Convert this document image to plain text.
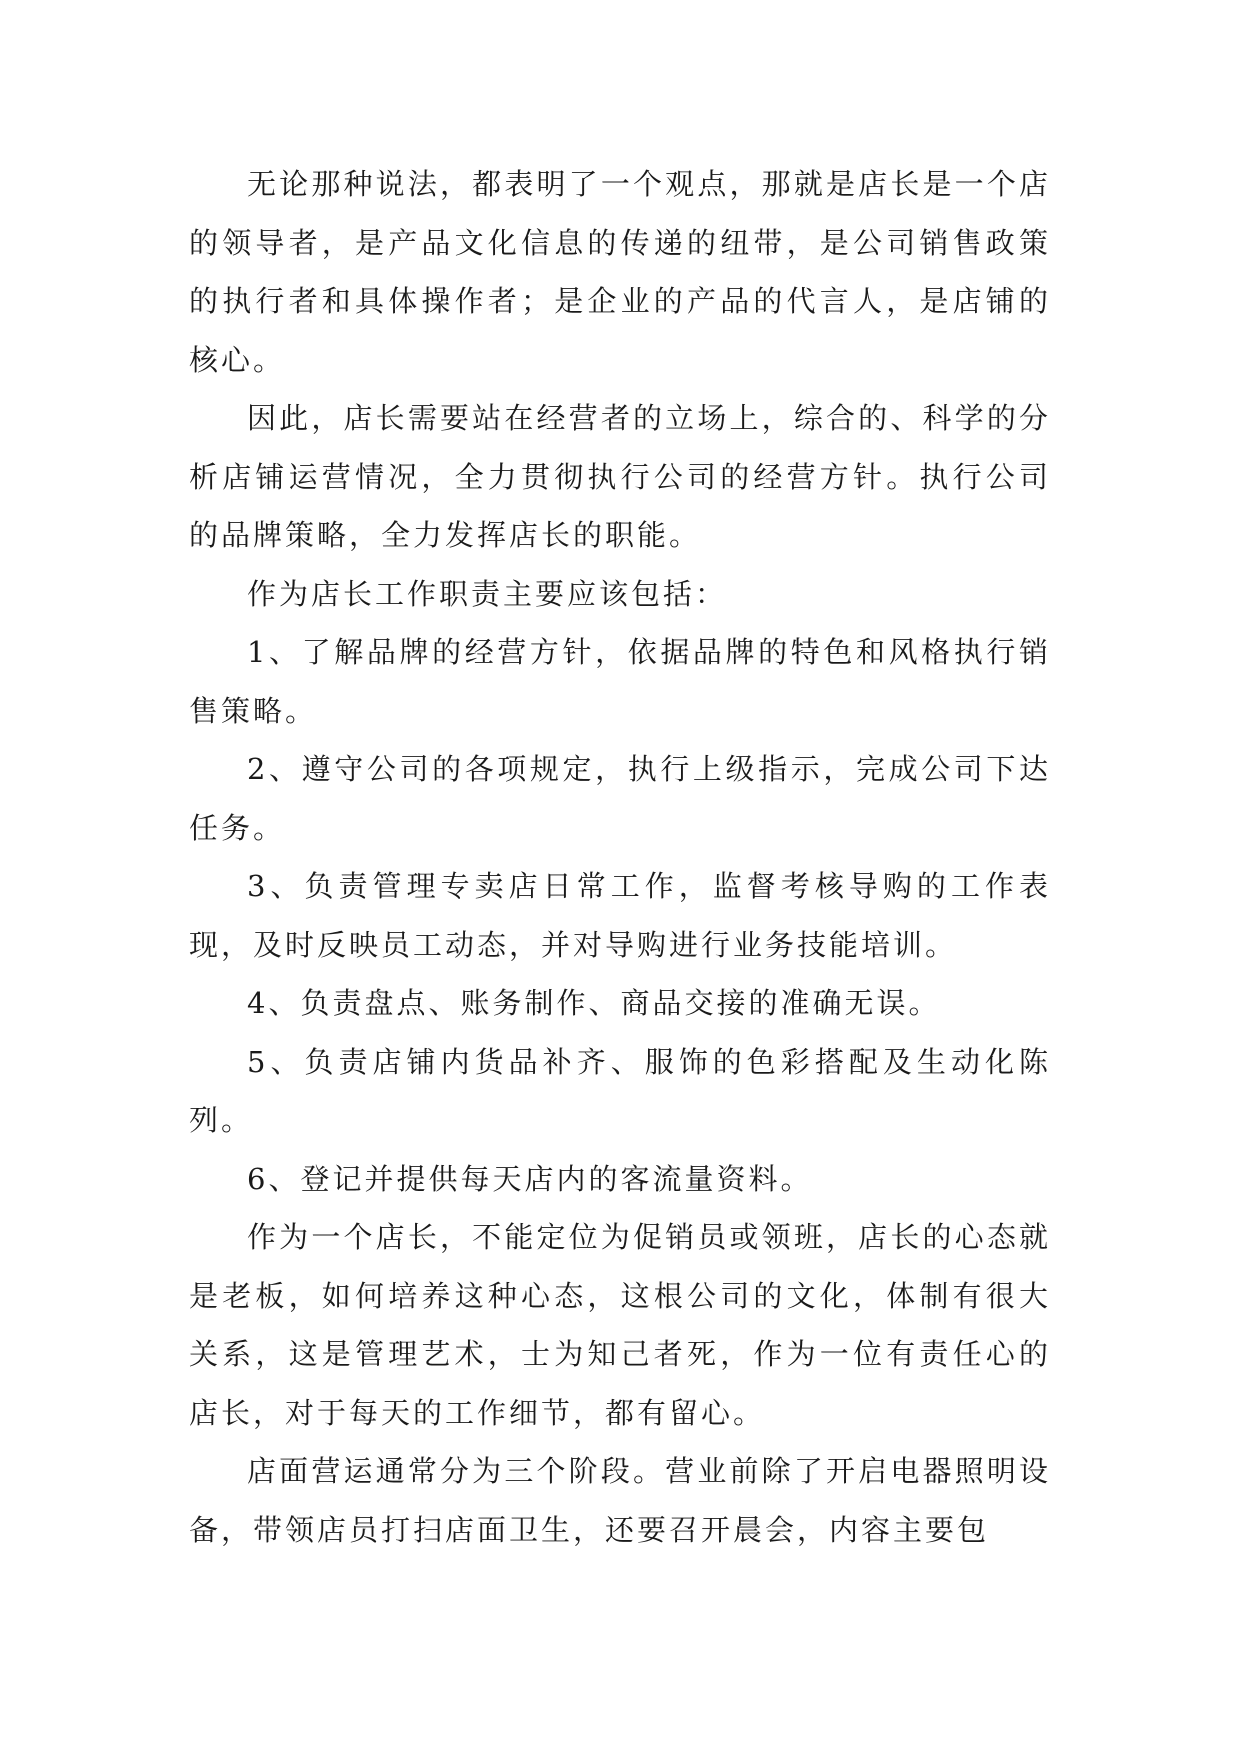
无论那种说法，都表明了一个观点，那就是店长是一个店的领导者，是产品文化信息的传递的纽带，是公司销售政策的执行者和具体操作者；是企业的产品的代言人，是店铺的核心。

因此，店长需要站在经营者的立场上，综合的、科学的分析店铺运营情况，全力贯彻执行公司的经营方针。执行公司的品牌策略，全力发挥店长的职能。

作为店长工作职责主要应该包括：

1、了解品牌的经营方针，依据品牌的特色和风格执行销售策略。

2、遵守公司的各项规定，执行上级指示，完成公司下达任务。

3、负责管理专卖店日常工作，监督考核导购的工作表现，及时反映员工动态，并对导购进行业务技能培训。

4、负责盘点、账务制作、商品交接的准确无误。

5、负责店铺内货品补齐、服饰的色彩搭配及生动化陈列。

6、登记并提供每天店内的客流量资料。

作为一个店长，不能定位为促销员或领班，店长的心态就是老板，如何培养这种心态，这根公司的文化，体制有很大关系，这是管理艺术，士为知己者死，作为一位有责任心的店长，对于每天的工作细节，都有留心。

店面营运通常分为三个阶段。营业前除了开启电器照明设备，带领店员打扫店面卫生，还要召开晨会，内容主要包
